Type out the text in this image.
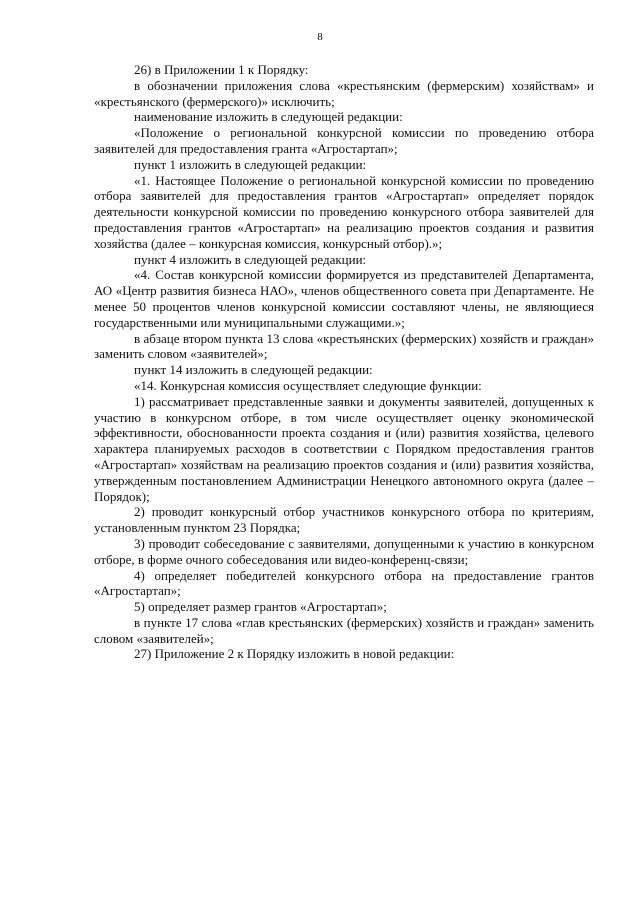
8

26) в Приложении 1 к Порядку:

в обозначении приложения слова «крестьянским (фермерским) хозяйствам» и «крестьянского (фермерского)» исключить;

наименование изложить в следующей редакции:

«Положение о региональной конкурсной комиссии по проведению отбора заявителей для предоставления гранта «Агростартап»;

пункт 1 изложить в следующей редакции:

«1. Настоящее Положение о региональной конкурсной комиссии по проведению отбора заявителей для предоставления грантов «Агростартап» определяет порядок деятельности конкурсной комиссии по проведению конкурсного отбора заявителей для предоставления грантов «Агростартап» на реализацию проектов создания и развития хозяйства (далее – конкурсная комиссия, конкурсный отбор).»;

пункт 4 изложить в следующей редакции:

«4. Состав конкурсной комиссии формируется из представителей Департамента, АО «Центр развития бизнеса НАО», членов общественного совета при Департаменте. Не менее 50 процентов членов конкурсной комиссии составляют члены, не являющиеся государственными или муниципальными служащими.»;

в абзаце втором пункта 13 слова «крестьянских (фермерских) хозяйств и граждан» заменить словом «заявителей»;

пункт 14 изложить в следующей редакции:

«14. Конкурсная комиссия осуществляет следующие функции:

1) рассматривает представленные заявки и документы заявителей, допущенных к участию в конкурсном отборе, в том числе осуществляет оценку экономической эффективности, обоснованности проекта создания и (или) развития хозяйства, целевого характера планируемых расходов в соответствии с Порядком предоставления грантов «Агростартап» хозяйствам на реализацию проектов создания и (или) развития хозяйства, утвержденным постановлением Администрации Ненецкого автономного округа (далее – Порядок);

2) проводит конкурсный отбор участников конкурсного отбора по критериям, установленным пунктом 23 Порядка;

3) проводит собеседование с заявителями, допущенными к участию в конкурсном отборе, в форме очного собеседования или видео-конференц-связи;

4) определяет победителей конкурсного отбора на предоставление грантов «Агростартап»;

5) определяет размер грантов «Агростартап»;

в пункте 17 слова «глав крестьянских (фермерских) хозяйств и граждан» заменить словом «заявителей»;

27) Приложение 2 к Порядку изложить в новой редакции:
